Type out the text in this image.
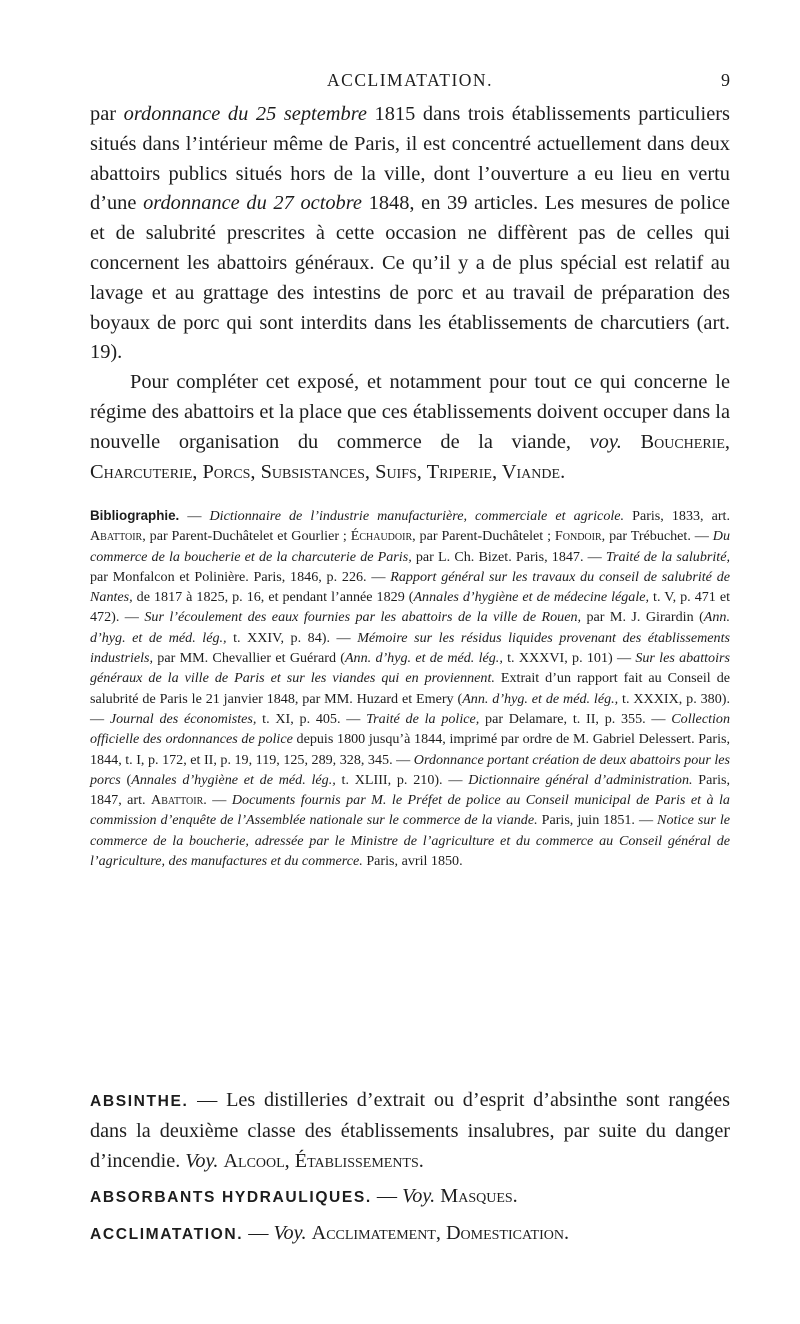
ACCLIMATATION.	9

par ordonnance du 25 septembre 1815 dans trois établissements particuliers situés dans l’intérieur même de Paris, il est concentré actuellement dans deux abattoirs publics situés hors de la ville, dont l’ouverture a eu lieu en vertu d’une ordonnance du 27 octobre 1848, en 39 articles. Les mesures de police et de salubrité prescrites à cette occasion ne diffèrent pas de celles qui concernent les abattoirs généraux. Ce qu’il y a de plus spécial est relatif au lavage et au grattage des intestins de porc et au travail de préparation des boyaux de porc qui sont interdits dans les établissements de charcutiers (art. 19).

Pour compléter cet exposé, et notamment pour tout ce qui concerne le régime des abattoirs et la place que ces établissements doivent occuper dans la nouvelle organisation du commerce de la viande, voy. Boucherie, Charcuterie, Porcs, Subsistances, Suifs, Triperie, Viande.

Bibliographie. — Dictionnaire de l’industrie manufacturière, commerciale et agricole. Paris, 1833, art. Abattoir, par Parent-Duchâtelet et Gourlier ; Échaudoir, par Parent-Duchâtelet ; Fondoir, par Trébuchet. — Du commerce de la boucherie et de la charcuterie de Paris, par L. Ch. Bizet. Paris, 1847. — Traité de la salubrité, par Monfalcon et Polinière. Paris, 1846, p. 226. — Rapport général sur les travaux du conseil de salubrité de Nantes, de 1817 à 1825, p. 16, et pendant l’année 1829 (Annales d’hygiène et de médecine légale, t. V, p. 471 et 472). — Sur l’écoulement des eaux fournies par les abattoirs de la ville de Rouen, par M. J. Girardin (Ann. d’hyg. et de méd. lég., t. XXIV, p. 84). — Mémoire sur les résidus liquides provenant des établissements industriels, par MM. Chevallier et Guérard (Ann. d’hyg. et de méd. lég., t. XXXVI, p. 101) — Sur les abattoirs généraux de la ville de Paris et sur les viandes qui en proviennent. Extrait d’un rapport fait au Conseil de salubrité de Paris le 21 janvier 1848, par MM. Huzard et Emery (Ann. d’hyg. et de méd. lég., t. XXXIX, p. 380). — Journal des économistes, t. XI, p. 405. — Traité de la police, par Delamare, t. II, p. 355. — Collection officielle des ordonnances de police depuis 1800 jusqu’à 1844, imprimé par ordre de M. Gabriel Delessert. Paris, 1844, t. I, p. 172, et II, p. 19, 119, 125, 289, 328, 345. — Ordonnance portant création de deux abattoirs pour les porcs (Annales d’hygiène et de méd. lég., t. XLIII, p. 210). — Dictionnaire général d’administration. Paris, 1847, art. Abattoir. — Documents fournis par M. le Préfet de police au Conseil municipal de Paris et à la commission d’enquête de l’Assemblée nationale sur le commerce de la viande. Paris, juin 1851. — Notice sur le commerce de la boucherie, adressée par le Ministre de l’agriculture et du commerce au Conseil général de l’agriculture, des manufactures et du commerce. Paris, avril 1850.

ABSINTHE. — Les distilleries d’extrait ou d’esprit d’absinthe sont rangées dans la deuxième classe des établissements insalubres, par suite du danger d’incendie. Voy. Alcool, Établissements.

ABSORBANTS HYDRAULIQUES. — Voy. Masques.

ACCLIMATATION. — Voy. Acclimatement, Domestication.
